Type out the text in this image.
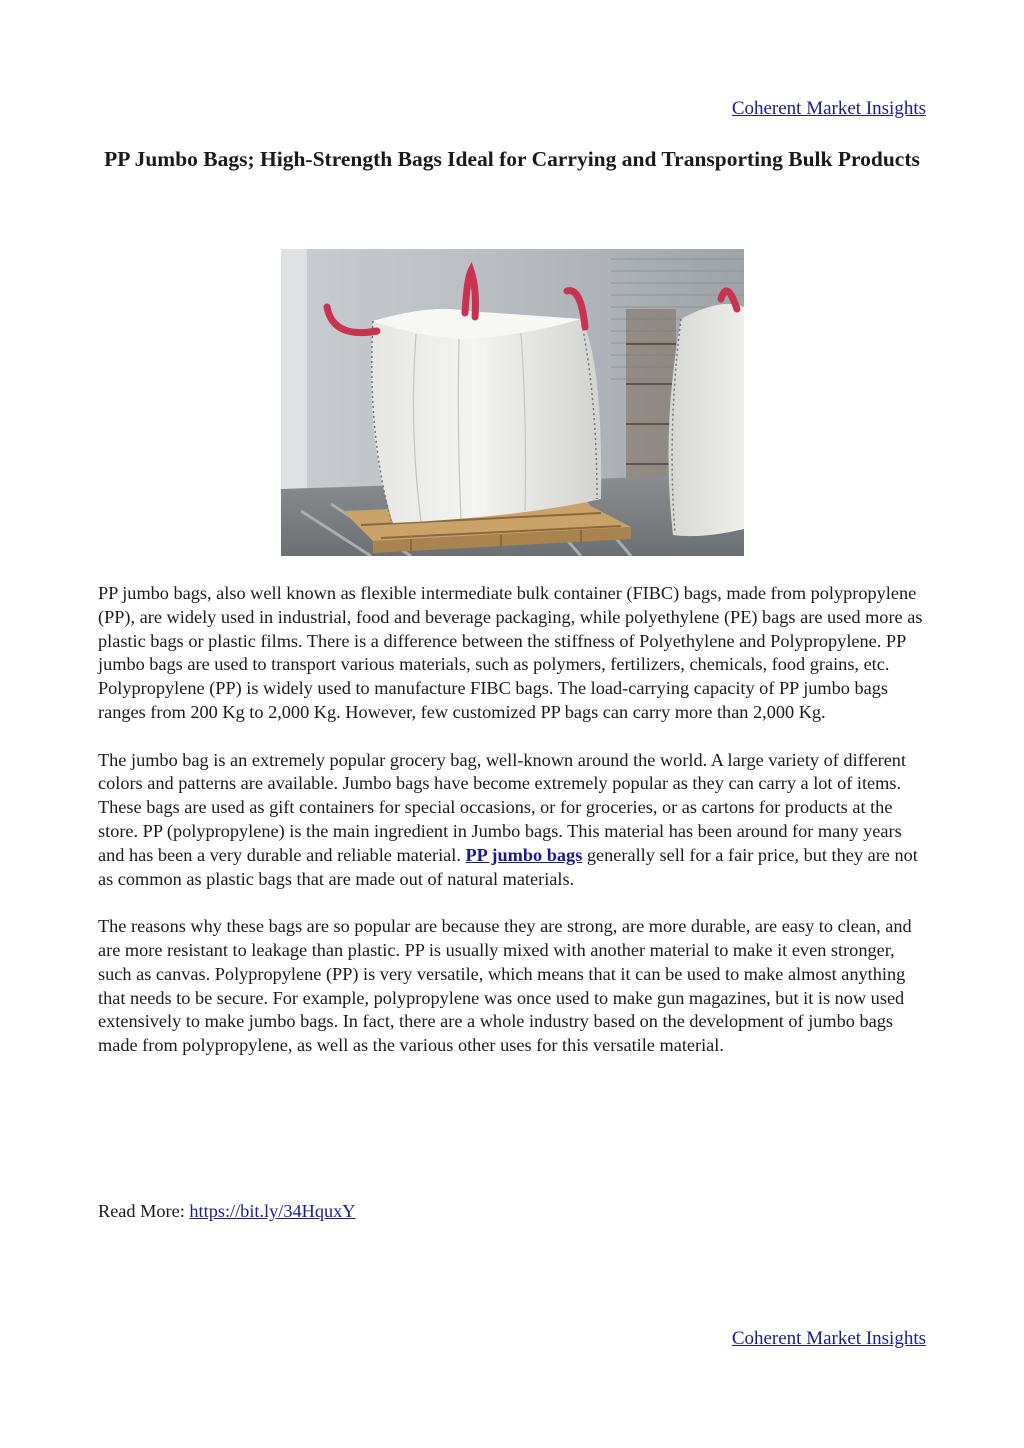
Coherent Market Insights
PP Jumbo Bags; High-Strength Bags Ideal for Carrying and Transporting Bulk Products

PP jumbo bags, also well known as flexible intermediate bulk container (FIBC) bags, made from polypropylene (PP), are widely used in industrial, food and beverage packaging, while polyethylene (PE) bags are used more as plastic bags or plastic films. There is a difference between the stiffness of Polyethylene and Polypropylene. PP jumbo bags are used to transport various materials, such as polymers, fertilizers, chemicals, food grains, etc. Polypropylene (PP) is widely used to manufacture FIBC bags. The load-carrying capacity of PP jumbo bags ranges from 200 Kg to 2,000 Kg. However, few customized PP bags can carry more than 2,000 Kg.

The jumbo bag is an extremely popular grocery bag, well-known around the world. A large variety of different colors and patterns are available. Jumbo bags have become extremely popular as they can carry a lot of items. These bags are used as gift containers for special occasions, or for groceries, or as cartons for products at the store. PP (polypropylene) is the main ingredient in Jumbo bags. This material has been around for many years and has been a very durable and reliable material. PP jumbo bags generally sell for a fair price, but they are not as common as plastic bags that are made out of natural materials.

The reasons why these bags are so popular are because they are strong, are more durable, are easy to clean, and are more resistant to leakage than plastic. PP is usually mixed with another material to make it even stronger, such as canvas. Polypropylene (PP) is very versatile, which means that it can be used to make almost anything that needs to be secure. For example, polypropylene was once used to make gun magazines, but it is now used extensively to make jumbo bags. In fact, there are a whole industry based on the development of jumbo bags made from polypropylene, as well as the various other uses for this versatile material.

Read More: https://bit.ly/34HquxY
Coherent Market Insights
